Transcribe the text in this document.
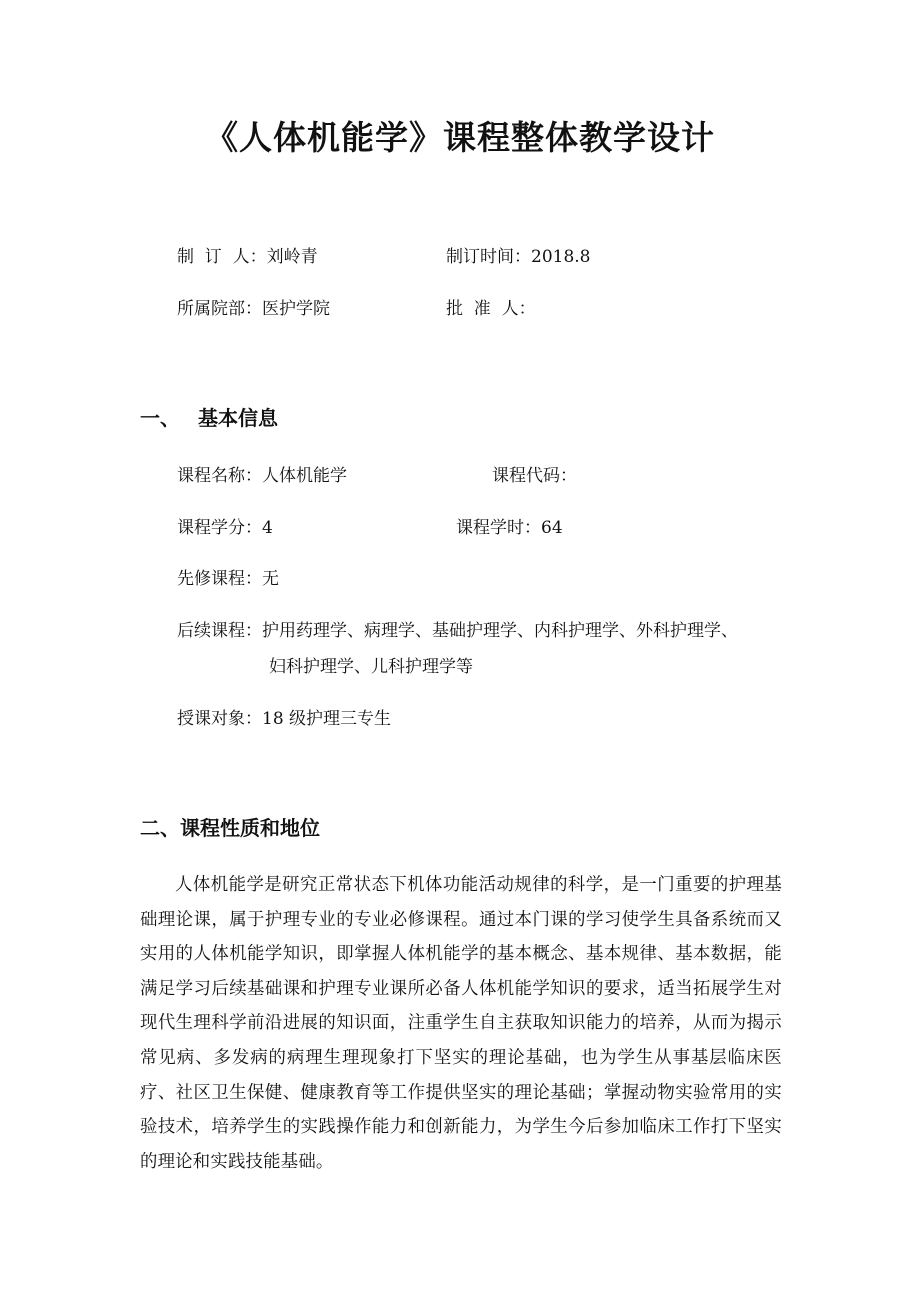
《人体机能学》课程整体教学设计
制  订  人：刘岭青	制订时间：2018.8
所属院部：医护学院	批  准  人：
一、 基本信息
课程名称：人体机能学	课程代码：
课程学分：4	课程学时：64
先修课程：无
后续课程：护用药理学、病理学、基础护理学、内科护理学、外科护理学、
妇科护理学、儿科护理学等
授课对象：18 级护理三专生
二、课程性质和地位
人体机能学是研究正常状态下机体功能活动规律的科学，是一门重要的护理基础理论课，属于护理专业的专业必修课程。通过本门课的学习使学生具备系统而又实用的人体机能学知识，即掌握人体机能学的基本概念、基本规律、基本数据，能满足学习后续基础课和护理专业课所必备人体机能学知识的要求，适当拓展学生对现代生理科学前沿进展的知识面，注重学生自主获取知识能力的培养，从而为揭示常见病、多发病的病理生理现象打下坚实的理论基础，也为学生从事基层临床医疗、社区卫生保健、健康教育等工作提供坚实的理论基础；掌握动物实验常用的实验技术，培养学生的实践操作能力和创新能力，为学生今后参加临床工作打下坚实的理论和实践技能基础。
